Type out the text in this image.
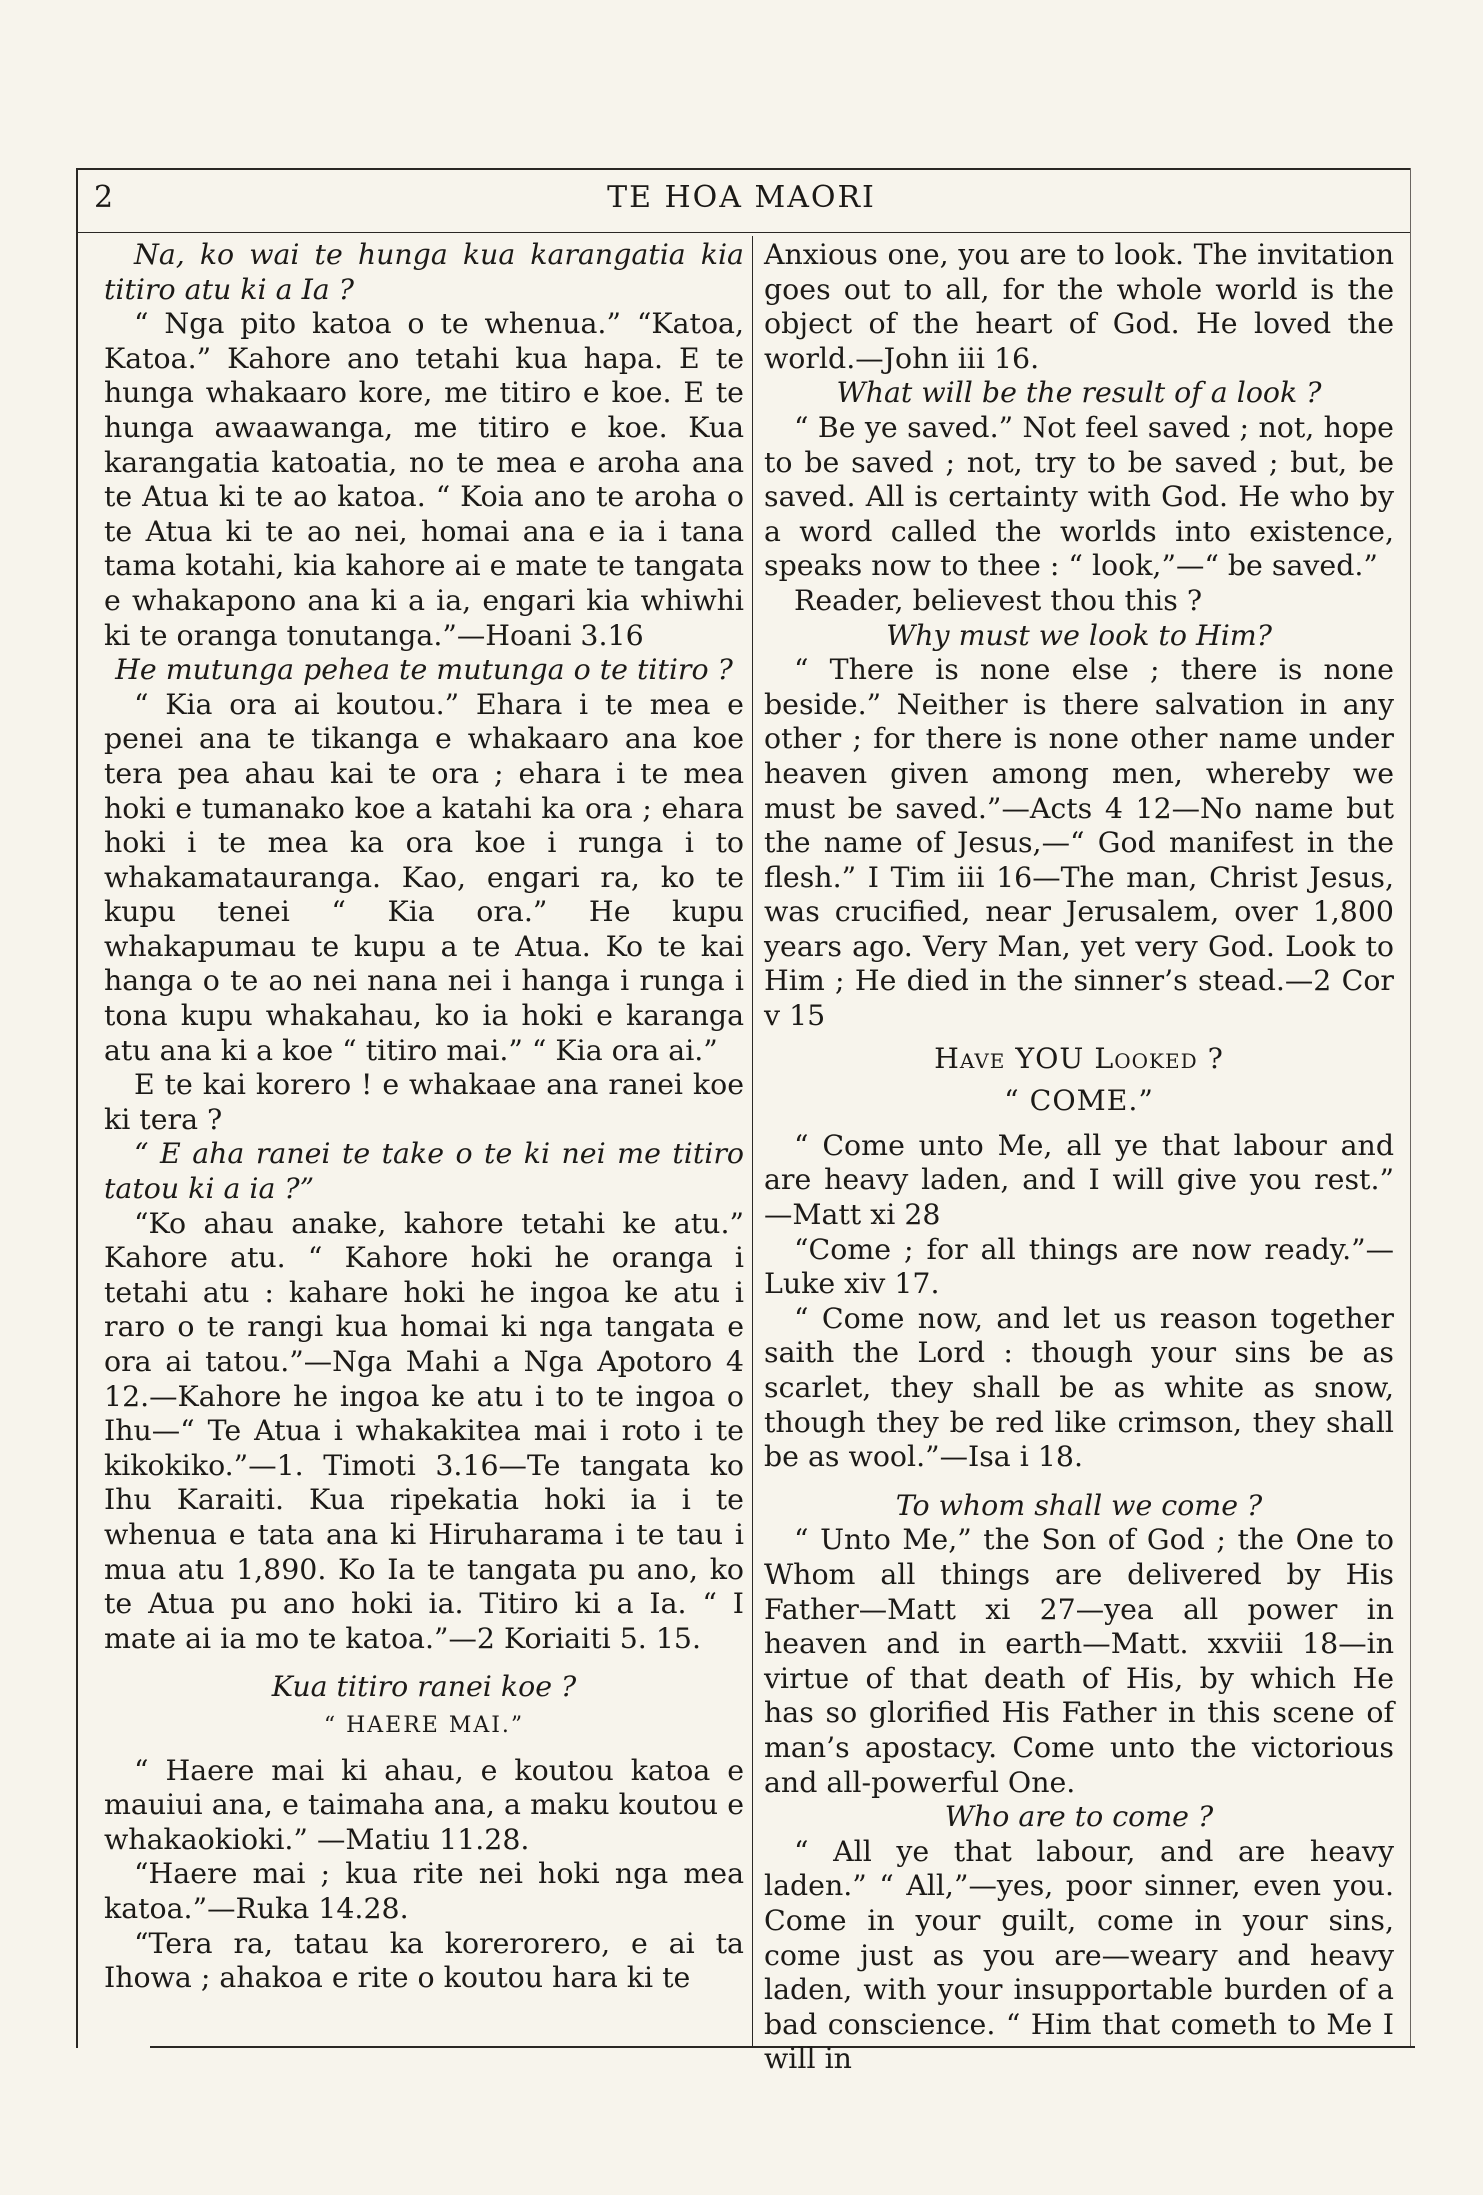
2	TE HOA MAORI

Na, ko wai te hunga kua karangatia kia titiro atu ki a Ia ?

“ Nga pito katoa o te whenua.” “Katoa, Katoa.” Kahore ano tetahi kua hapa. E te hunga whakaaro kore, me titiro e koe. E te hunga awaawanga, me titiro e koe. Kua karangatia katoatia, no te mea e aroha ana te Atua ki te ao katoa. “ Koia ano te aroha o te Atua ki te ao nei, homai ana e ia i tana tama kotahi, kia kahore ai e mate te tangata e whakapono ana ki a ia, engari kia whiwhi ki te oranga tonutanga.”—Hoani 3.16

He mutunga pehea te mutunga o te titiro ?

“ Kia ora ai koutou.” Ehara i te mea e penei ana te tikanga e whakaaro ana koe tera pea ahau kai te ora ; ehara i te mea hoki e tumanako koe a katahi ka ora ; ehara hoki i te mea ka ora koe i runga i to whakamatauranga. Kao, engari ra, ko te kupu tenei “ Kia ora.” He kupu whakapumau te kupu a te Atua. Ko te kai hanga o te ao nei nana nei i hanga i runga i tona kupu whakahau, ko ia hoki e karanga atu ana ki a koe “ titiro mai.” “ Kia ora ai.”

E te kai korero ! e whakaae ana ranei koe ki tera ?

“ E aha ranei te take o te ki nei me titiro tatou ki a ia ?”

“Ko ahau anake, kahore tetahi ke atu.” Kahore atu. “ Kahore hoki he oranga i tetahi atu : kahare hoki he ingoa ke atu i raro o te rangi kua homai ki nga tangata e ora ai tatou.”—Nga Mahi a Nga Apotoro 4 12.—Kahore he ingoa ke atu i to te ingoa o Ihu—“ Te Atua i whakakitea mai i roto i te kikokiko.”—1. Timoti 3.16—Te tangata ko Ihu Karaiti. Kua ripekatia hoki ia i te whenua e tata ana ki Hiruharama i te tau i mua atu 1,890. Ko Ia te tangata pu ano, ko te Atua pu ano hoki ia. Titiro ki a Ia. “ I mate ai ia mo te katoa.”—2 Koriaiti 5. 15.

Kua titiro ranei koe ?

“ HAERE MAI.”

“ Haere mai ki ahau, e koutou katoa e mauiui ana, e taimaha ana, a maku koutou e whakaokioki.” —Matiu 11.28.

“Haere mai ; kua rite nei hoki nga mea katoa.”—Ruka 14.28.

“Tera ra, tatau ka korerorero, e ai ta Ihowa ; ahakoa e rite o koutou hara ki te

Anxious one, you are to look. The invitation goes out to all, for the whole world is the object of the heart of God. He loved the world.—John iii 16.

What will be the result of a look ?

“ Be ye saved.” Not feel saved ; not, hope to be saved ; not, try to be saved ; but, be saved. All is certainty with God. He who by a word called the worlds into existence, speaks now to thee : “ look,”—“ be saved.”

Reader, believest thou this ?

Why must we look to Him?

“ There is none else ; there is none beside.” Neither is there salvation in any other ; for there is none other name under heaven given among men, whereby we must be saved.”—Acts 4 12—No name but the name of Jesus,—“ God manifest in the flesh.” I Tim iii 16—The man, Christ Jesus, was crucified, near Jerusalem, over 1,800 years ago. Very Man, yet very God. Look to Him ; He died in the sinner’s stead.—2 Cor v 15

Have YOU Looked ?

“ COME.”

“ Come unto Me, all ye that labour and are heavy laden, and I will give you rest.” —Matt xi 28

“Come ; for all things are now ready.”—Luke xiv 17.

“ Come now, and let us reason together saith the Lord : though your sins be as scarlet, they shall be as white as snow, though they be red like crimson, they shall be as wool.”—Isa i 18.

To whom shall we come ?

“ Unto Me,” the Son of God ; the One to Whom all things are delivered by His Father—Matt xi 27—yea all power in heaven and in earth—Matt. xxviii 18—in virtue of that death of His, by which He has so glorified His Father in this scene of man’s apostacy. Come unto the victorious and all-powerful One.

Who are to come ?

“ All ye that labour, and are heavy laden.” “ All,”—yes, poor sinner, even you. Come in your guilt, come in your sins, come just as you are—weary and heavy laden, with your insupportable burden of a bad conscience. “ Him that cometh to Me I will in
